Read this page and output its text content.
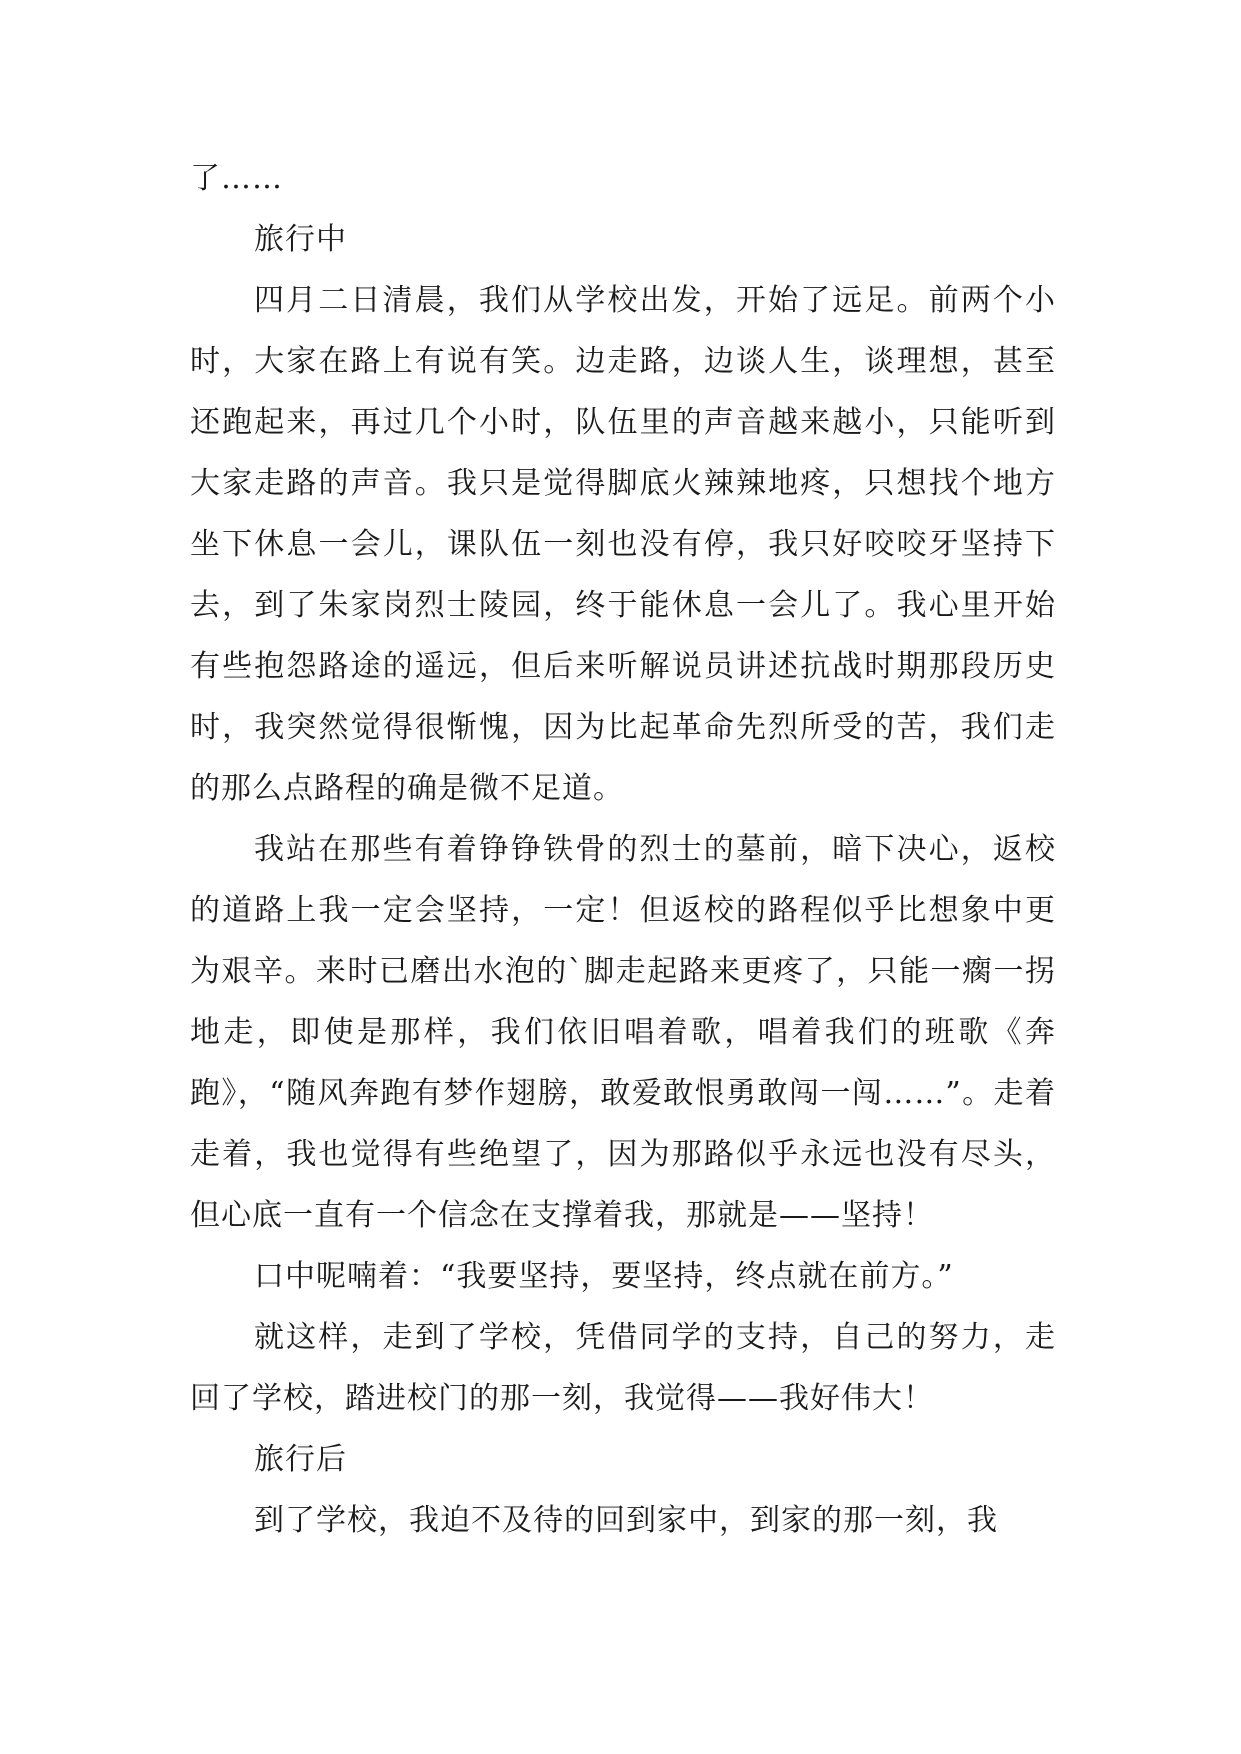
了……

旅行中

四月二日清晨，我们从学校出发，开始了远足。前两个小时，大家在路上有说有笑。边走路，边谈人生，谈理想，甚至还跑起来，再过几个小时，队伍里的声音越来越小，只能听到大家走路的声音。我只是觉得脚底火辣辣地疼，只想找个地方坐下休息一会儿，课队伍一刻也没有停，我只好咬咬牙坚持下去，到了朱家岗烈士陵园，终于能休息一会儿了。我心里开始有些抱怨路途的遥远，但后来听解说员讲述抗战时期那段历史时，我突然觉得很惭愧，因为比起革命先烈所受的苦，我们走的那么点路程的确是微不足道。

我站在那些有着铮铮铁骨的烈士的墓前，暗下决心，返校的道路上我一定会坚持，一定！但返校的路程似乎比想象中更为艰辛。来时已磨出水泡的`脚走起路来更疼了，只能一瘸一拐地走，即使是那样，我们依旧唱着歌，唱着我们的班歌《奔跑》，“随风奔跑有梦作翅膀，敢爱敢恨勇敢闯一闯……”。走着走着，我也觉得有些绝望了，因为那路似乎永远也没有尽头，但心底一直有一个信念在支撑着我，那就是——坚持！

口中呢喃着：“我要坚持，要坚持，终点就在前方。”

就这样，走到了学校，凭借同学的支持，自己的努力，走回了学校，踏进校门的那一刻，我觉得——我好伟大！

旅行后

到了学校，我迫不及待的回到家中，到家的那一刻，我
